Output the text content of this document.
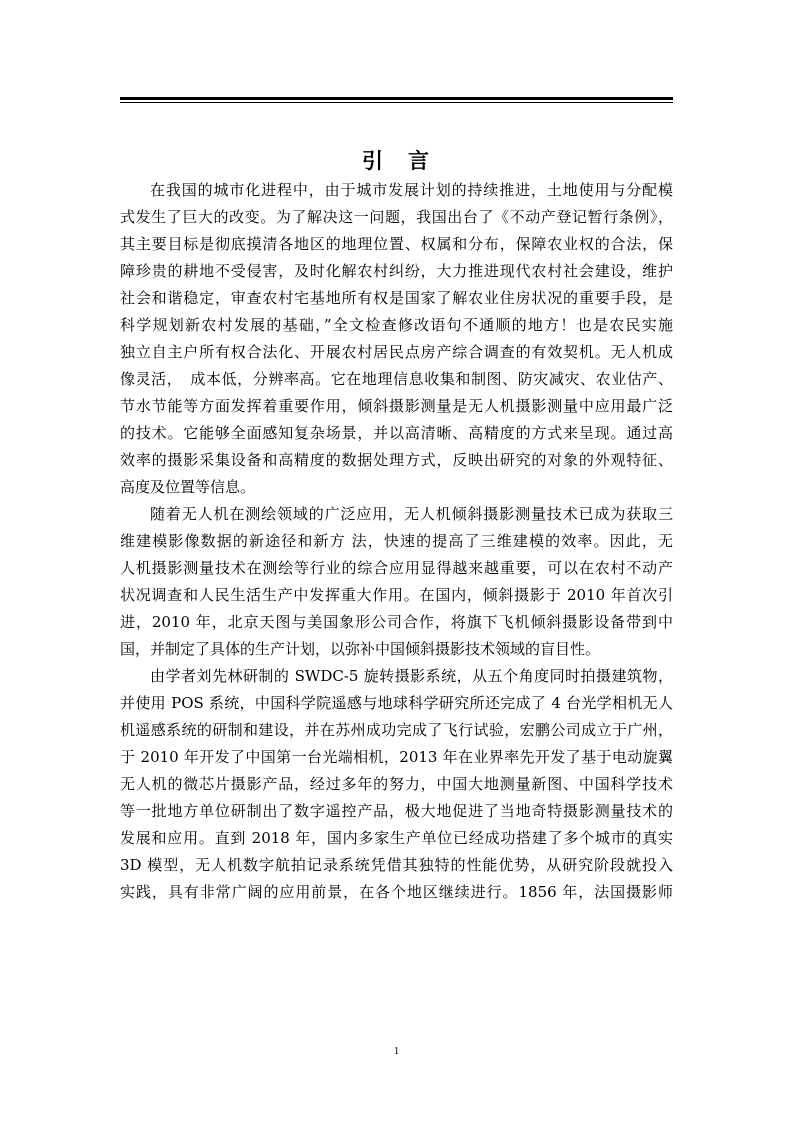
引　言
在我国的城市化进程中，由于城市发展计划的持续推进，土地使用与分配模
式发生了巨大的改变。为了解决这一问题，我国出台了《不动产登记暂行条例》，
其主要目标是彻底摸清各地区的地理位置、权属和分布，保障农业权的合法，保
障珍贵的耕地不受侵害，及时化解农村纠纷，大力推进现代农村社会建设，维护
社会和谐稳定，审查农村宅基地所有权是国家了解农业住房状况的重要手段，是
科学规划新农村发展的基础，”全文检查修改语句不通顺的地方！也是农民实施
独立自主户所有权合法化、开展农村居民点房产综合调查的有效契机。无人机成
像灵活，　成本低，分辨率高。它在地理信息收集和制图、防灾减灾、农业估产、
节水节能等方面发挥着重要作用，倾斜摄影测量是无人机摄影测量中应用最广泛
的技术。它能够全面感知复杂场景，并以高清晰、高精度的方式来呈现。通过高
效率的摄影采集设备和高精度的数据处理方式，反映出研究的对象的外观特征、
高度及位置等信息。
随着无人机在测绘领域的广泛应用，无人机倾斜摄影测量技术已成为获取三
维建模影像数据的新途径和新方 法，快速的提高了三维建模的效率。因此，无
人机摄影测量技术在测绘等行业的综合应用显得越来越重要，可以在农村不动产
状况调查和人民生活生产中发挥重大作用。在国内，倾斜摄影于 2010 年首次引
进，2010 年，北京天图与美国象形公司合作，将旗下飞机倾斜摄影设备带到中
国，并制定了具体的生产计划，以弥补中国倾斜摄影技术领域的盲目性。
由学者刘先林研制的 SWDC-5 旋转摄影系统，从五个角度同时拍摄建筑物，
并使用 POS 系统，中国科学院遥感与地球科学研究所还完成了 4 台光学相机无人
机遥感系统的研制和建设，并在苏州成功完成了飞行试验，宏鹏公司成立于广州，
于 2010 年开发了中国第一台光端相机，2013 年在业界率先开发了基于电动旋翼
无人机的微芯片摄影产品，经过多年的努力，中国大地测量新图、中国科学技术
等一批地方单位研制出了数字遥控产品，极大地促进了当地奇特摄影测量技术的
发展和应用。直到 2018 年，国内多家生产单位已经成功搭建了多个城市的真实
3D 模型，无人机数字航拍记录系统凭借其独特的性能优势，从研究阶段就投入
实践，具有非常广阔的应用前景，在各个地区继续进行。1856 年，法国摄影师
1
